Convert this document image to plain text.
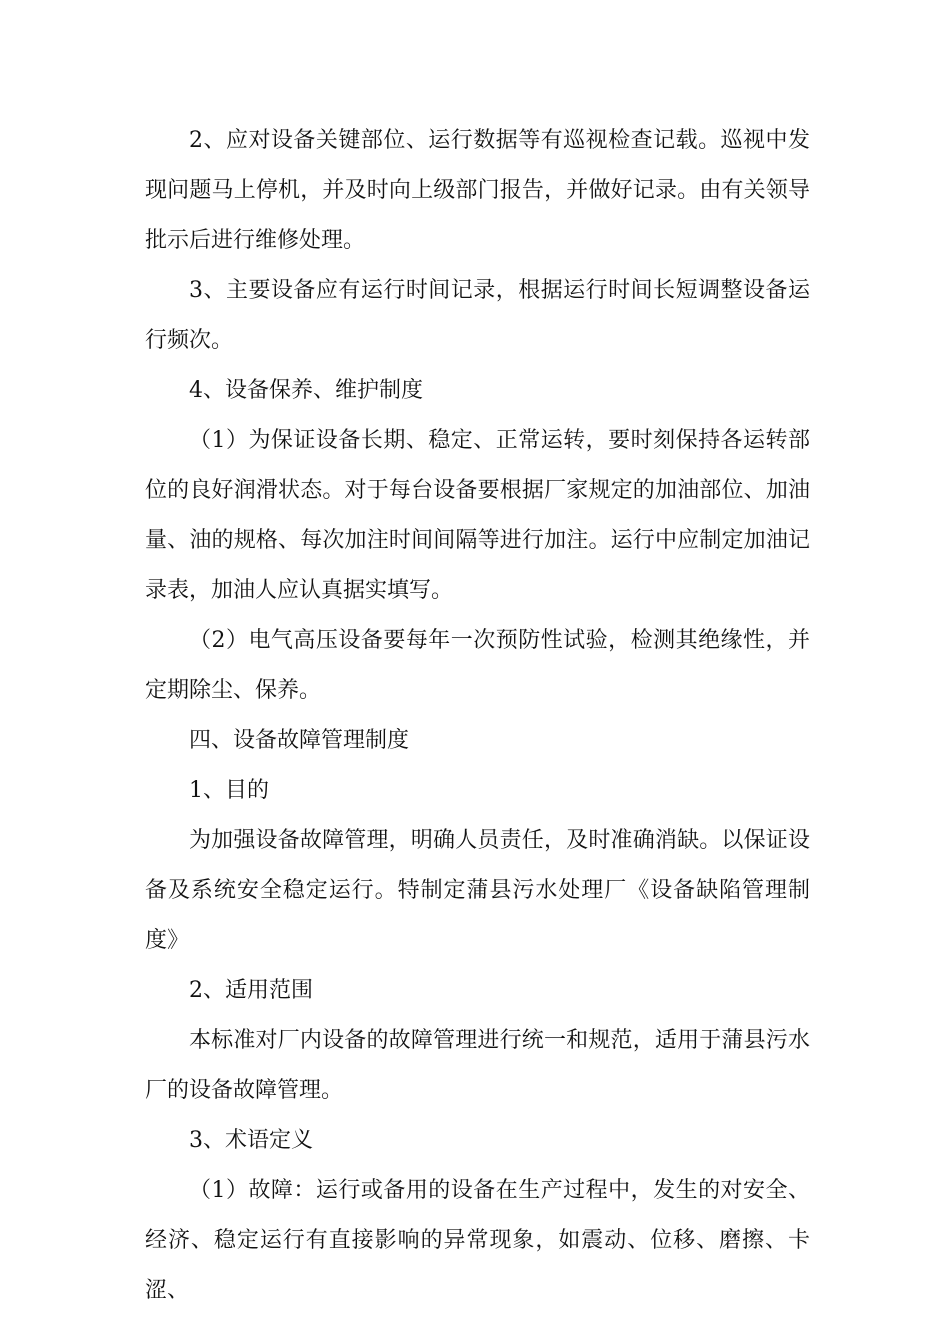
2、应对设备关键部位、运行数据等有巡视检查记载。巡视中发现问题马上停机，并及时向上级部门报告，并做好记录。由有关领导批示后进行维修处理。

3、主要设备应有运行时间记录，根据运行时间长短调整设备运行频次。

4、设备保养、维护制度

（1）为保证设备长期、稳定、正常运转，要时刻保持各运转部位的良好润滑状态。对于每台设备要根据厂家规定的加油部位、加油量、油的规格、每次加注时间间隔等进行加注。运行中应制定加油记录表，加油人应认真据实填写。

（2）电气高压设备要每年一次预防性试验，检测其绝缘性，并定期除尘、保养。

四、设备故障管理制度

1、目的

为加强设备故障管理，明确人员责任，及时准确消缺。以保证设备及系统安全稳定运行。特制定蒲县污水处理厂《设备缺陷管理制度》

2、适用范围

本标准对厂内设备的故障管理进行统一和规范，适用于蒲县污水厂的设备故障管理。

3、术语定义

（1）故障：运行或备用的设备在生产过程中，发生的对安全、经济、稳定运行有直接影响的异常现象，如震动、位移、磨擦、卡涩、
